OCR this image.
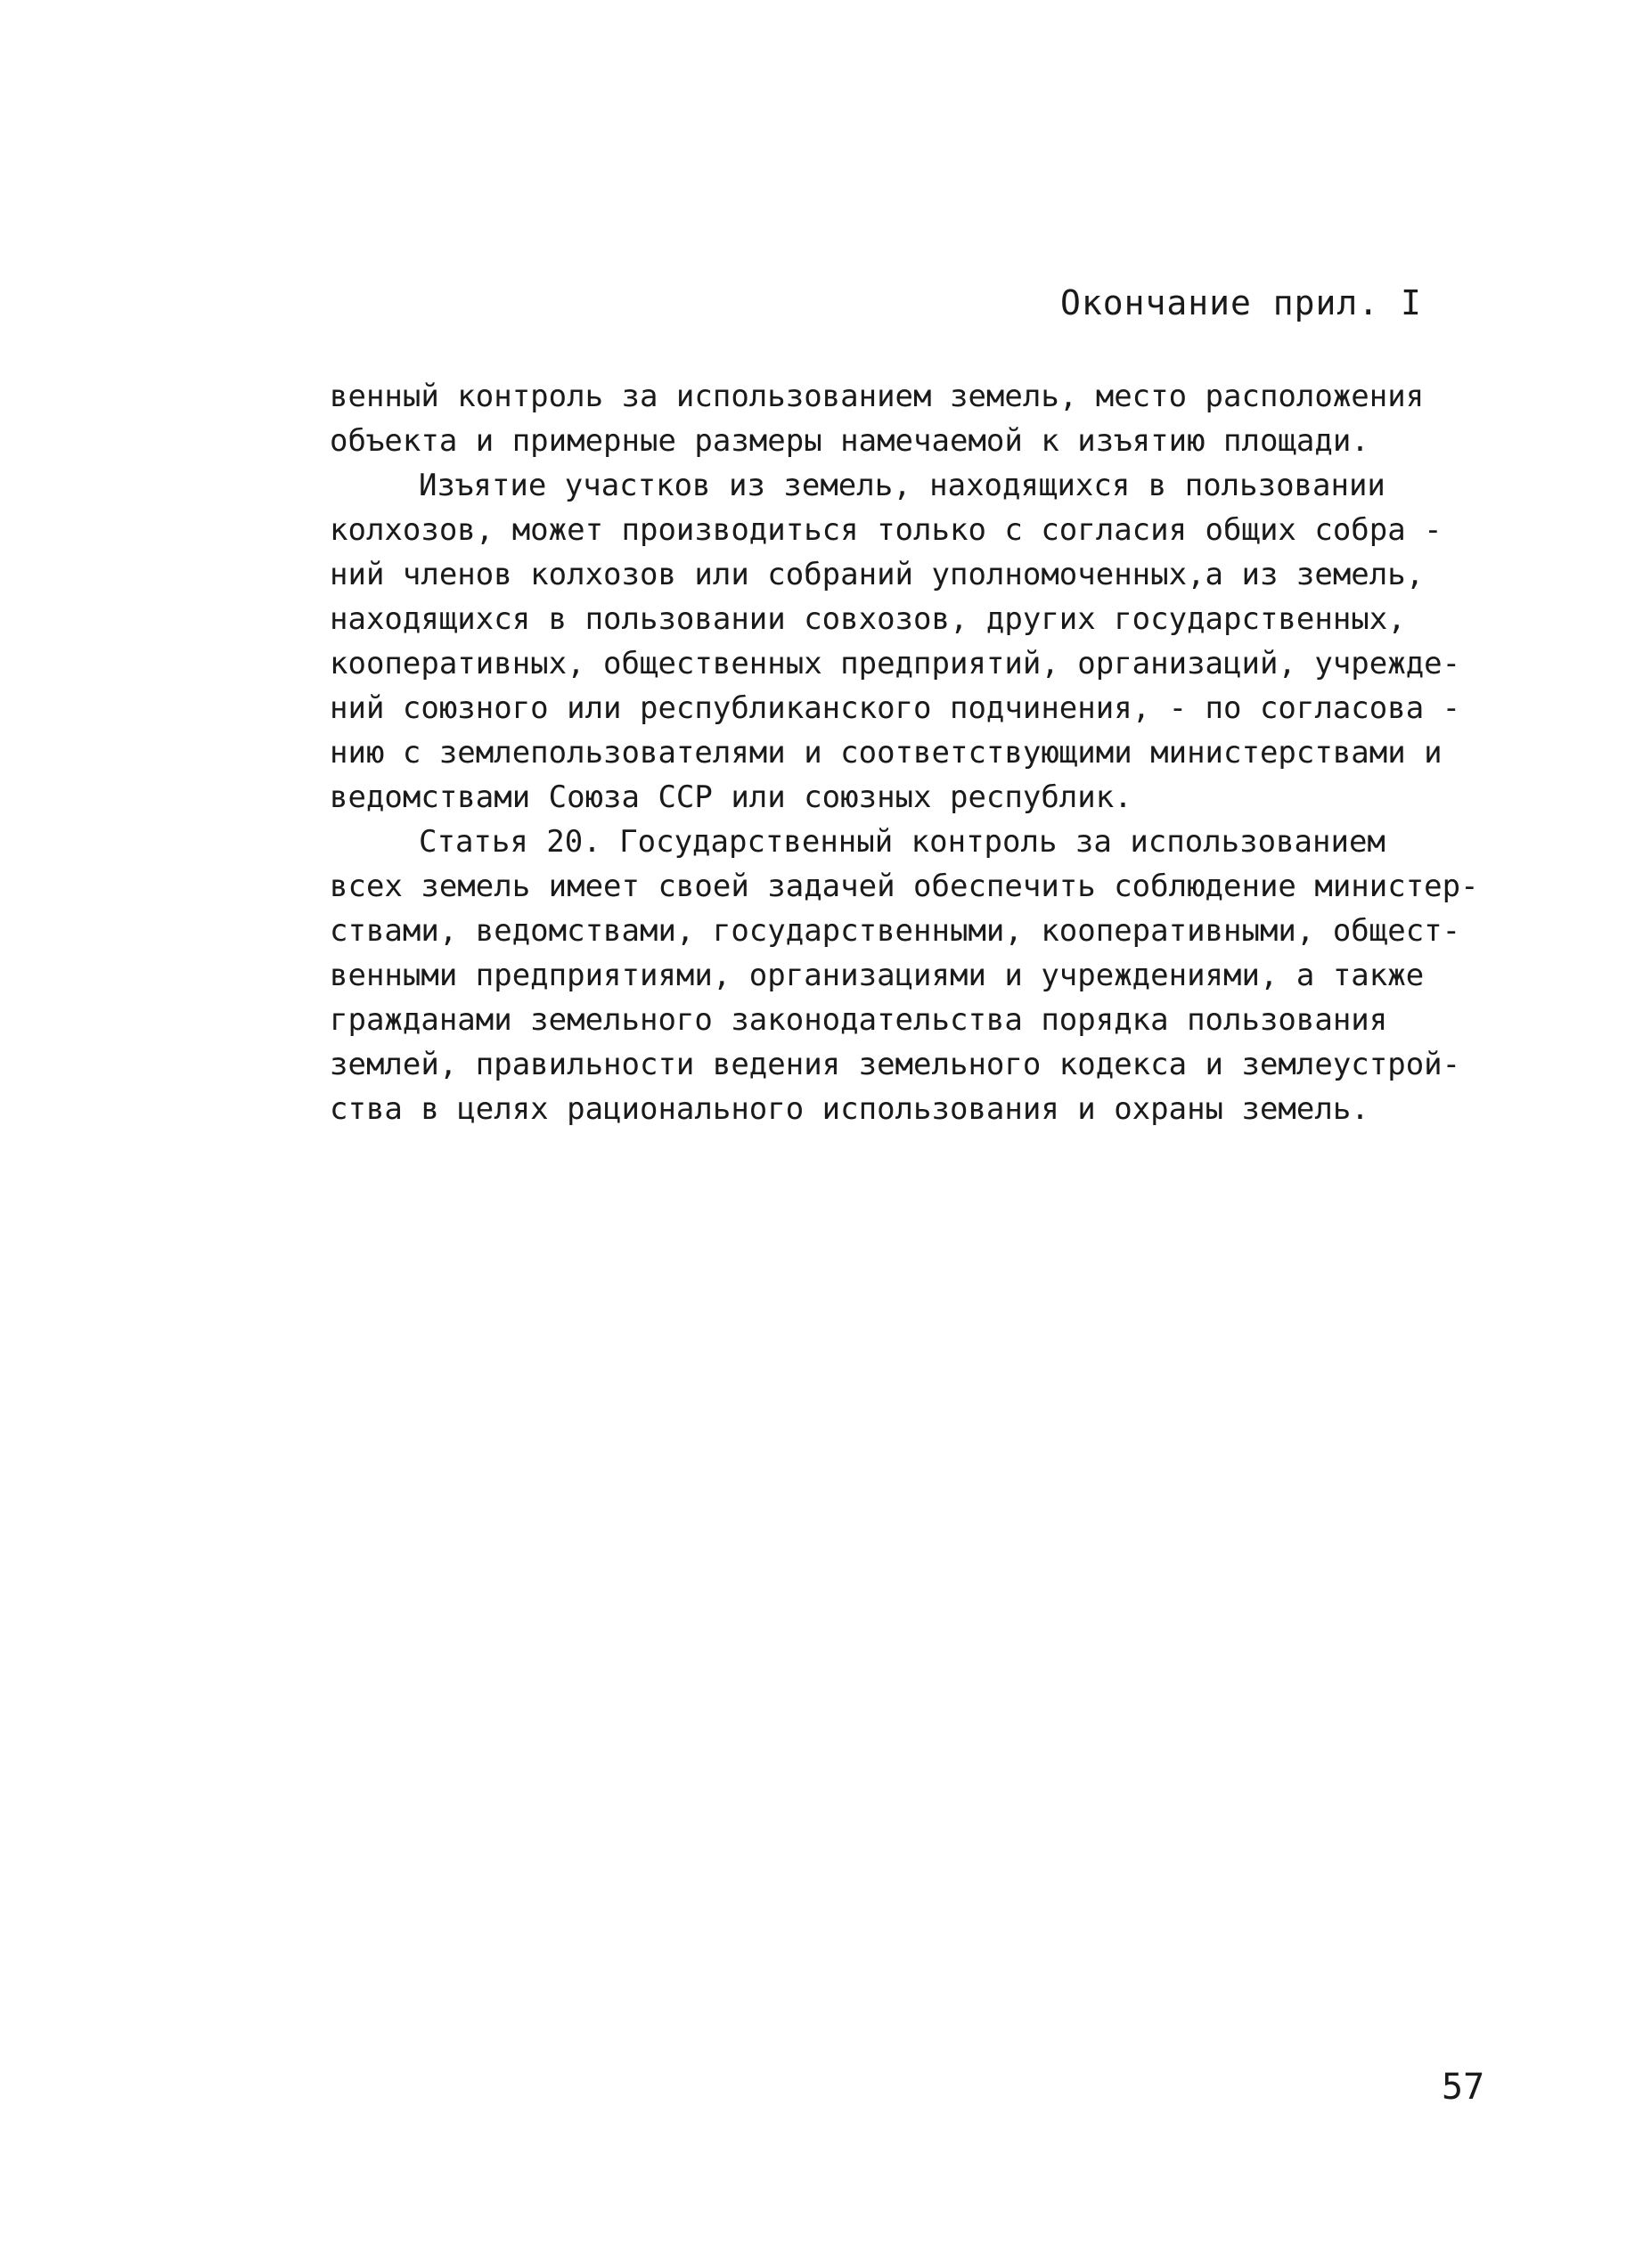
Окончание прил. I
венный контроль за использованием земель, место расположения
объекта и примерные размеры намечаемой к изъятию площади.
Изъятие участков из земель, находящихся в пользовании
колхозов, может производиться только с согласия общих собра -
ний членов колхозов или собраний уполномоченных,а из земель,
находящихся в пользовании совхозов, других государственных,
кооперативных, общественных предприятий, организаций, учрежде-
ний союзного или республиканского подчинения, - по согласова -
нию с землепользователями и соответствующими министерствами и
ведомствами Союза ССР или союзных республик.
Статья 20. Государственный контроль за использованием
всех земель имеет своей задачей обеспечить соблюдение министер-
ствами, ведомствами, государственными, кооперативными, общест-
венными предприятиями, организациями и учреждениями, а также
гражданами земельного законодательства порядка пользования
землей, правильности ведения земельного кодекса и землеустрой-
ства в целях рационального использования и охраны земель.
57
